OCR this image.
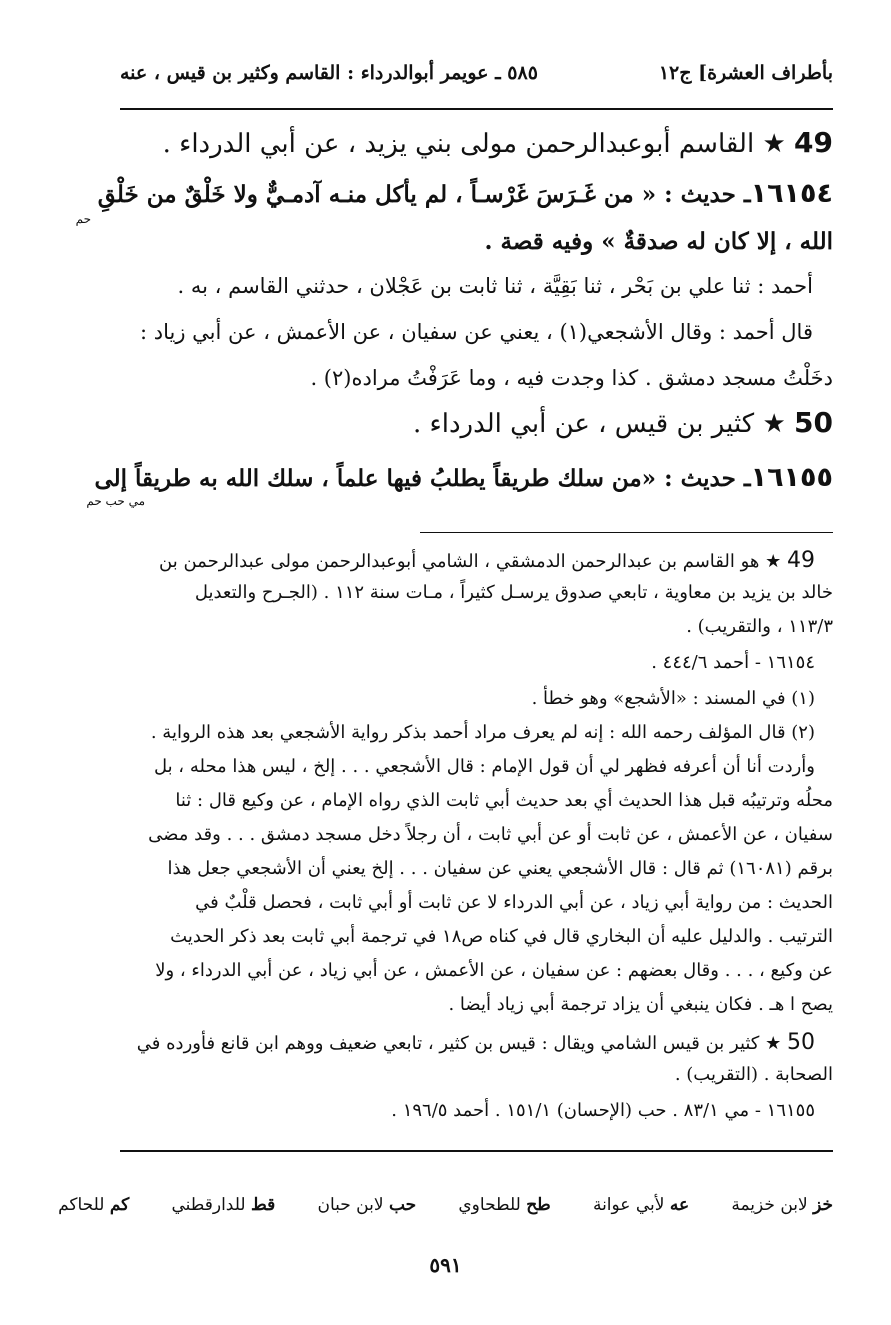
بأطراف العشرة] ج١٢
٥٨٥ ـ عويمر أبوالدرداء : القاسم وكثير بن قيس ، عنه
49 ★ القاسم أبوعبدالرحمن مولى بني يزيد ، عن أبي الدرداء .
١٦١٥٤ـ حديث : « من غَـرَسَ غَرْسـاً ، لم يأكل منـه آدمـيٌّ ولا خَلْقٌ من خَلْقِ
حم
الله ، إلا كان له صدقةٌ » وفيه قصة .
أحمد : ثنا علي بن بَحْر ، ثنا بَقِيَّة ، ثنا ثابت بن عَجْلان ، حدثني القاسم ، به .
قال أحمد : وقال الأشجعي(١) ، يعني عن سفيان ، عن الأعمش ، عن أبي زياد :
دخَلْتُ مسجد دمشق . كذا وجدت فيه ، وما عَرَفْتُ مراده(٢) .
50 ★ كثير بن قيس ، عن أبي الدرداء .
١٦١٥٥ـ حديث : «من سلك طريقاً يطلبُ فيها علماً ، سلك الله به طريقاً إلى
مي حب حم
49 ★ هو القاسم بن عبدالرحمن الدمشقي ، الشامي أبوعبدالرحمن مولى عبدالرحمن بن
خالد بن يزيد بن معاوية ، تابعي صدوق يرسـل كثيراً ، مـات سنة ١١٢ . (الجـرح والتعديل
١١٣/٣ ، والتقريب) .
١٦١٥٤ - أحمد ٤٤٤/٦ .
(١) في المسند : «الأشجع» وهو خطأ .
(٢) قال المؤلف رحمه الله : إنه لم يعرف مراد أحمد بذكر رواية الأشجعي بعد هذه الرواية .
وأردت أنا أن أعرفه فظهر لي أن قول الإمام : قال الأشجعي . . . إلخ ، ليس هذا محله ، بل
محلُه وترتيبُه قبل هذا الحديث أي بعد حديث أبي ثابت الذي رواه الإمام ، عن وكيع قال : ثنا
سفيان ، عن الأعمش ، عن ثابت أو عن أبي ثابت ، أن رجلاً دخل مسجد دمشق . . . وقد مضى
برقم (١٦٠٨١) ثم قال : قال الأشجعي يعني عن سفيان . . . إلخ يعني أن الأشجعي جعل هذا
الحديث : من رواية أبي زياد ، عن أبي الدرداء لا عن ثابت أو أبي ثابت ، فحصل قلْبٌ في
الترتيب . والدليل عليه أن البخاري قال في كناه ص١٨ في ترجمة أبي ثابت بعد ذكر الحديث
عن وكيع ، . . . وقال بعضهم : عن سفيان ، عن الأعمش ، عن أبي زياد ، عن أبي الدرداء ، ولا
يصح ا هـ . فكان ينبغي أن يزاد ترجمة أبي زياد أيضا .
50 ★ كثير بن قيس الشامي ويقال : قيس بن كثير ، تابعي ضعيف ووهم ابن قانع فأورده في
الصحابة . (التقريب) .
١٦١٥٥ - مي ٨٣/١ . حب (الإحسان) ١٥١/١ . أحمد ١٩٦/٥ .
خز لابن خزيمة
عه لأبي عوانة
طح للطحاوي
حب لابن حبان
قط للدارقطني
كم للحاكم
٥٩١
